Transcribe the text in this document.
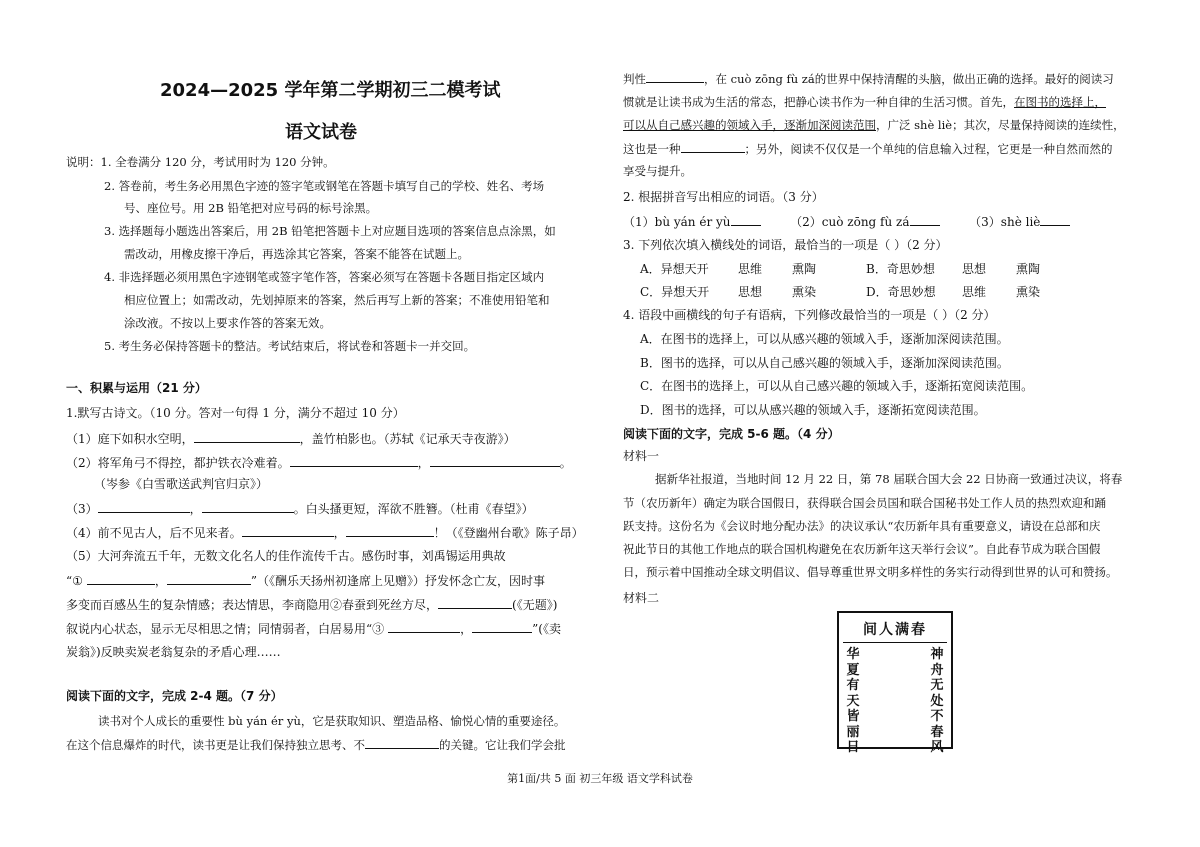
2024—2025 学年第二学期初三二模考试
语文试卷
说明：1. 全卷满分 120 分，考试用时为 120 分钟。
2. 答卷前，考生务必用黑色字迹的签字笔或钢笔在答题卡填写自己的学校、姓名、考场
号、座位号。用 2B 铅笔把对应号码的标号涂黑。
3. 选择题每小题选出答案后，用 2B 铅笔把答题卡上对应题目选项的答案信息点涂黑，如
需改动，用橡皮擦干净后，再选涂其它答案，答案不能答在试题上。
4. 非选择题必须用黑色字迹钢笔或签字笔作答，答案必须写在答题卡各题目指定区域内
相应位置上；如需改动，先划掉原来的答案，然后再写上新的答案；不准使用铅笔和
涂改液。不按以上要求作答的答案无效。
5. 考生务必保持答题卡的整洁。考试结束后，将试卷和答题卡一并交回。
一、积累与运用（21 分）
1.默写古诗文。（10 分。答对一句得 1 分，满分不超过 10 分）
（1）庭下如积水空明，	，盖竹柏影也。（苏轼《记承天寺夜游》）
（2）将军角弓不得控，都护铁衣冷难着。	，	。
（岑参《白雪歌送武判官归京》）
（3）	，	。白头搔更短，浑欲不胜簪。（杜甫《春望》）
（4）前不见古人，后不见来者。	，	！（《登幽州台歌》陈子昂）
（5）大河奔流五千年，无数文化名人的佳作流传千古。感伤时事，刘禹锡运用典故
“①	，	”（《酬乐天扬州初逢席上见赠》）抒发怀念亡友，因时事
多变而百感丛生的复杂情感；表达情思，李商隐用②春蚕到死丝方尽，	(《无题》)
叙说内心状态，显示无尽相思之情；同情弱者，白居易用“③	，	”(《卖
炭翁》)反映卖炭老翁复杂的矛盾心理……
阅读下面的文字，完成 2-4 题。（7 分）
读书对个人成长的重要性 bù yán ér yù，它是获取知识、塑造品格、愉悦心情的重要途径。
在这个信息爆炸的时代，读书更是让我们保持独立思考、不	的关键。它让我们学会批
判性	，在 cuò zōng fù zá的世界中保持清醒的头脑，做出正确的选择。最好的阅读习
惯就是让读书成为生活的常态，把静心读书作为一种自律的生活习惯。首先，在图书的选择上，
可以从自己感兴趣的领域入手，逐渐加深阅读范围，广泛 shè liè；其次，尽量保持阅读的连续性，
这也是一种	；另外，阅读不仅仅是一个单纯的信息输入过程，它更是一种自然而然的
享受与提升。
2. 根据拼音写出相应的词语。（3 分）
（1）bù yán ér yù	（2）cuò zōng fù zá	（3）shè liè
3. 下列依次填入横线处的词语，最恰当的一项是（ ）（2 分）
A．异想天开 思维 熏陶	B．奇思妙想 思想 熏陶
C．异想天开 思想 熏染	D．奇思妙想 思维 熏染
4. 语段中画横线的句子有语病，下列修改最恰当的一项是（ ）（2 分）
A．在图书的选择上，可以从感兴趣的领域入手，逐渐加深阅读范围。
B．图书的选择，可以从自己感兴趣的领域入手，逐渐加深阅读范围。
C．在图书的选择上，可以从自己感兴趣的领域入手，逐渐拓宽阅读范围。
D．图书的选择，可以从感兴趣的领域入手，逐渐拓宽阅读范围。
阅读下面的文字，完成 5-6 题。（4 分）
材料一
据新华社报道，当地时间 12 月 22 日，第 78 届联合国大会 22 日协商一致通过决议，将春
节（农历新年）确定为联合国假日，获得联合国会员国和联合国秘书处工作人员的热烈欢迎和踊
跃支持。这份名为《会议时地分配办法》的决议承认“农历新年具有重要意义，请设在总部和庆
祝此节日的其他工作地点的联合国机构避免在农历新年这天举行会议”。自此春节成为联合国假
日，预示着中国推动全球文明倡议、倡导尊重世界文明多样性的务实行动得到世界的认可和赞扬。
材料二
间人满春
华夏有天皆丽日
神舟无处不春风
第1面/共 5 面 初三年级 语文学科试卷
